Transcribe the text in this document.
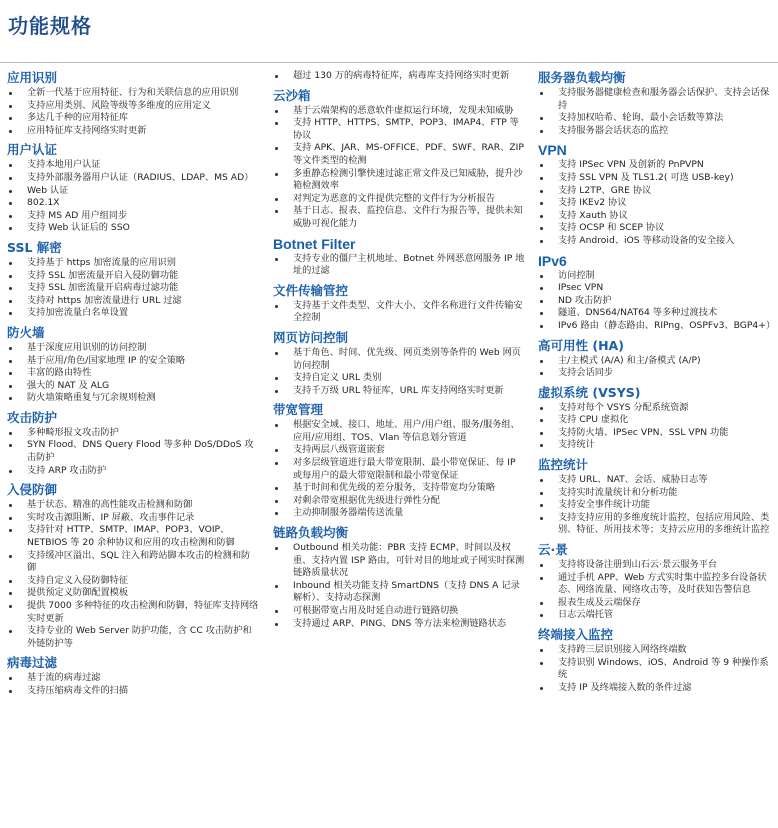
功能规格
应用识别
全新一代基于应用特征、行为和关联信息的应用识别
支持应用类别、风险等级等多维度的应用定义
多达几千种的应用特征库
应用特征库支持网络实时更新
用户认证
支持本地用户认证
支持外部服务器用户认证（RADIUS、LDAP、MS AD）
Web 认证
802.1X
支持 MS AD 用户组同步
支持 Web 认证后的 SSO
SSL 解密
支持基于 https 加密流量的应用识别
支持 SSL 加密流量开启入侵防御功能
支持 SSL 加密流量开启病毒过滤功能
支持对 https 加密流量进行 URL 过滤
支持加密流量白名单设置
防火墙
基于深度应用识别的访问控制
基于应用/角色/国家地理 IP 的安全策略
丰富的路由特性
强大的 NAT 及 ALG
防火墙策略重复与冗余规则检测
攻击防护
多种畸形报文攻击防护
SYN Flood、DNS Query Flood 等多种 DoS/DDoS 攻击防护
支持 ARP 攻击防护
入侵防御
基于状态、精准的高性能攻击检测和防御
实时攻击源阻断、IP 屏蔽、攻击事件记录
支持针对 HTTP、SMTP、IMAP、POP3、VOIP、NETBIOS 等 20 余种协议和应用的攻击检测和防御
支持缓冲区溢出、SQL 注入和跨站脚本攻击的检测和防御
支持自定义入侵防御特征
提供预定义防御配置模板
提供 7000 多种特征的攻击检测和防御，特征库支持网络实时更新
支持专业的 Web Server 防护功能，含 CC 攻击防护和外链防护等
病毒过滤
基于流的病毒过滤
支持压缩病毒文件的扫描
超过 130 万的病毒特征库，病毒库支持网络实时更新
云沙箱
基于云端架构的恶意软件虚拟运行环境，发现未知威胁
支持 HTTP、HTTPS、SMTP、POP3、IMAP4、FTP 等协议
支持 APK、JAR、MS-OFFICE、PDF、SWF、RAR、ZIP 等文件类型的检测
多重静态检测引擎快速过滤正常文件及已知威胁，提升沙箱检测效率
对判定为恶意的文件提供完整的文件行为分析报告
基于日志、报表、监控信息、文件行为报告等，提供未知威胁可视化能力
Botnet Filter
支持专业的僵尸主机地址、Botnet 外网恶意网服务 IP 地址的过滤
文件传输管控
支持基于文件类型、文件大小、文件名称进行文件传输安全控制
网页访问控制
基于角色、时间、优先级、网页类别等条件的 Web 网页访问控制
支持自定义 URL 类别
支持千万级 URL 特征库，URL 库支持网络实时更新
带宽管理
根据安全域、接口、地址、用户/用户组、服务/服务组、应用/应用组、TOS、Vlan 等信息划分管道
支持两层八级管道嵌套
对多层级管道进行最大带宽限制、最小带宽保证、每 IP 或每用户的最大带宽限制和最小带宽保证
基于时间和优先级的差分服务，支持带宽均分策略
对剩余带宽根据优先级进行弹性分配
主动抑制服务器端传送流量
链路负载均衡
Outbound 相关功能：PBR 支持 ECMP、时间以及权重、支持内置 ISP 路由，可针对目的地址或子网实时探测链路质量状况
Inbound 相关功能支持 SmartDNS（支持 DNS A 记录解析）、支持动态探测
可根据带宽占用及时延自动进行链路切换
支持通过 ARP、PING、DNS 等方法来检测链路状态
服务器负载均衡
支持服务器健康检查和服务器会话保护、支持会话保持
支持加权哈希、轮询、最小会话数等算法
支持服务器会话状态的监控
VPN
支持 IPSec VPN 及创新的 PnPVPN
支持 SSL VPN 及 TLS1.2( 可选 USB-key)
支持 L2TP、GRE 协议
支持 IKEv2 协议
支持 Xauth 协议
支持 OCSP 和 SCEP 协议
支持 Android、iOS 等移动设备的安全接入
IPv6
访问控制
IPsec VPN
ND 攻击防护
隧道、DNS64/NAT64 等多种过渡技术
IPv6 路由（静态路由、RIPng、OSPFv3、BGP4+）
高可用性 (HA)
主/主模式 (A/A) 和主/备模式 (A/P)
支持会话同步
虚拟系统 (VSYS)
支持对每个 VSYS 分配系统资源
支持 CPU 虚拟化
支持防火墙、IPSec VPN、SSL VPN 功能
支持统计
监控统计
支持 URL、NAT、会话、威胁日志等
支持实时流量统计和分析功能
支持安全事件统计功能
支持支持应用的多维度统计监控，包括应用风险、类别、特征、所用技术等；支持云应用的多维统计监控
云·景
支持将设备注册到山石云·景云服务平台
通过手机 APP、Web 方式实时集中监控多台设备状态、网络流量、网络攻击等，及时获知告警信息
报表生成及云端保存
日志云端托管
终端接入监控
支持跨三层识别接入网络终端数
支持识别 Windows、iOS、Android 等 9 种操作系统
支持 IP 及终端接入数的条件过滤
